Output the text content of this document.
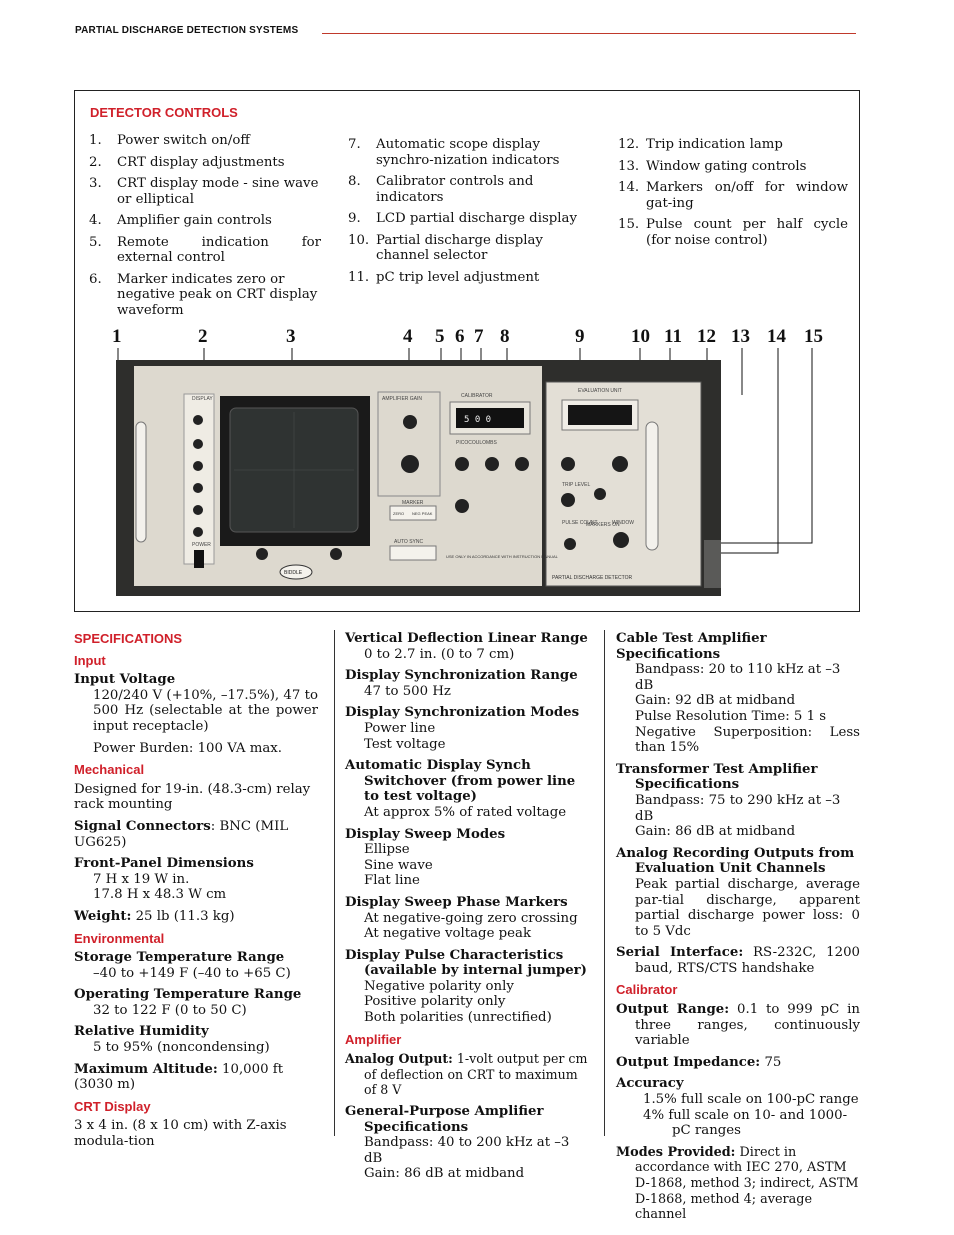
PARTIAL DISCHARGE DETECTION SYSTEMS
DETECTOR CONTROLS
1. Power switch on/off
2. CRT display adjustments
3. CRT display mode - sine wave or elliptical
4. Amplifier gain controls
5. Remote indication for external control
6. Marker indicates zero or negative peak on CRT display waveform
7. Automatic scope display synchro-nization indicators
8. Calibrator controls and indicators
9. LCD partial discharge display
10. Partial discharge display channel selector
11. pC trip level adjustment
12. Trip indication lamp
13. Window gating controls
14. Markers on/off for window gat-ing
15. Pulse count per half cycle (for noise control)
1	2	3	4 5 6 7 8	9 10 11 12 13 14 15
DISPLAY
POWER
AMPLIFIER GAIN	CALIBRATOR
5 0 0
PICOCOULOMBS
MARKER
ZERO NEG PEAK
AUTO SYNC
USE ONLY IN ACCORDANCE WITH INSTRUCTION MANUAL
BIDDLE
EVALUATION UNIT
TRIP LEVEL
PULSE COUNT
MARKERS ON
WINDOW
PARTIAL DISCHARGE DETECTOR
SPECIFICATIONS
Input
Input Voltage
120/240 V (+10%, –17.5%), 47 to 500 Hz (selectable at the power input receptacle)
Power Burden: 100 VA max.
Mechanical
Designed for 19-in. (48.3-cm) relay rack mounting
Signal Connectors: BNC (MIL UG625)
Front-Panel Dimensions
7 H x 19 W in.
17.8 H x 48.3 W cm
Weight: 25 lb (11.3 kg)
Environmental
Storage Temperature Range
–40 to +149 F (–40 to +65 C)
Operating Temperature Range
32 to 122 F (0 to 50 C)
Relative Humidity
5 to 95% (noncondensing)
Maximum Altitude: 10,000 ft (3030 m)
CRT Display
3 x 4 in. (8 x 10 cm) with Z-axis modula-tion
Vertical Deflection Linear Range
0 to 2.7 in. (0 to 7 cm)
Display Synchronization Range
47 to 500 Hz
Display Synchronization Modes
Power line
Test voltage
Automatic Display Synch Switchover (from power line to test voltage)
At approx 5% of rated voltage
Display Sweep Modes
Ellipse
Sine wave
Flat line
Display Sweep Phase Markers
At negative-going zero crossing
At negative voltage peak
Display Pulse Characteristics (available by internal jumper)
Negative polarity only
Positive polarity only
Both polarities (unrectified)
Amplifier
Analog Output: 1-volt output per cm of deflection on CRT to maximum of 8 V
General-Purpose Amplifier Specifications
Bandpass: 40 to 200 kHz at –3 dB
Gain: 86 dB at midband
Cable Test Amplifier Specifications
Bandpass: 20 to 110 kHz at –3 dB
Gain: 92 dB at midband
Pulse Resolution Time: 5 1 s
Negative Superposition: Less than 15%
Transformer Test Amplifier Specifications
Bandpass: 75 to 290 kHz at –3 dB
Gain: 86 dB at midband
Analog Recording Outputs from Evaluation Unit Channels
Peak partial discharge, average par-tial discharge, apparent partial discharge power loss: 0 to 5 Vdc
Serial Interface: RS-232C, 1200 baud, RTS/CTS handshake
Calibrator
Output Range: 0.1 to 999 pC in three ranges, continuously variable
Output Impedance: 75
Accuracy
1.5% full scale on 100-pC range
4% full scale on 10- and 1000-pC ranges
Modes Provided: Direct in accordance with IEC 270, ASTM D-1868, method 3; indirect, ASTM D-1868, method 4; average channel
